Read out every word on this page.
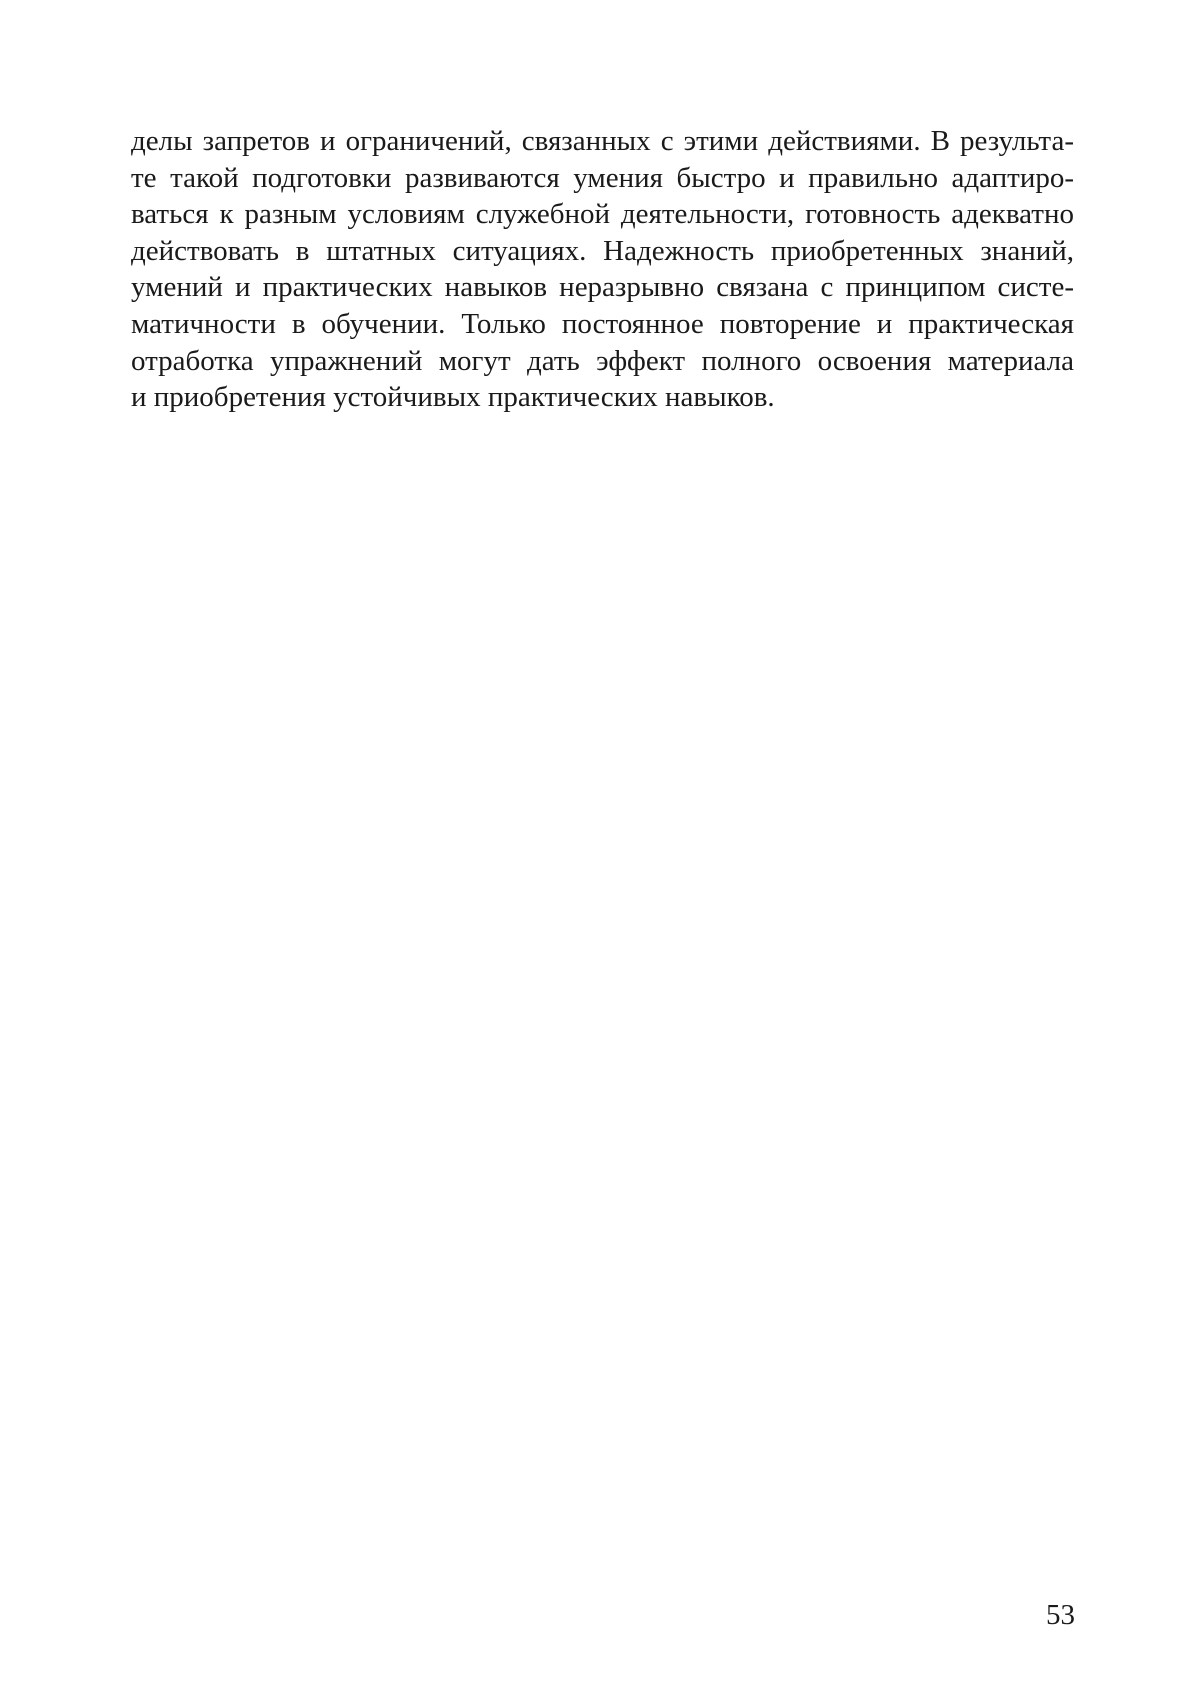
делы запретов и ограничений, связанных с этими действиями. В результа-
те такой подготовки развиваются умения быстро и правильно адаптиро-
ваться к разным условиям служебной деятельности, готовность адекватно
действовать в штатных ситуациях. Надежность приобретенных знаний,
умений и практических навыков неразрывно связана с принципом систе-
матичности в обучении. Только постоянное повторение и практическая
отработка упражнений могут дать эффект полного освоения материала
и приобретения устойчивых практических навыков.
53
